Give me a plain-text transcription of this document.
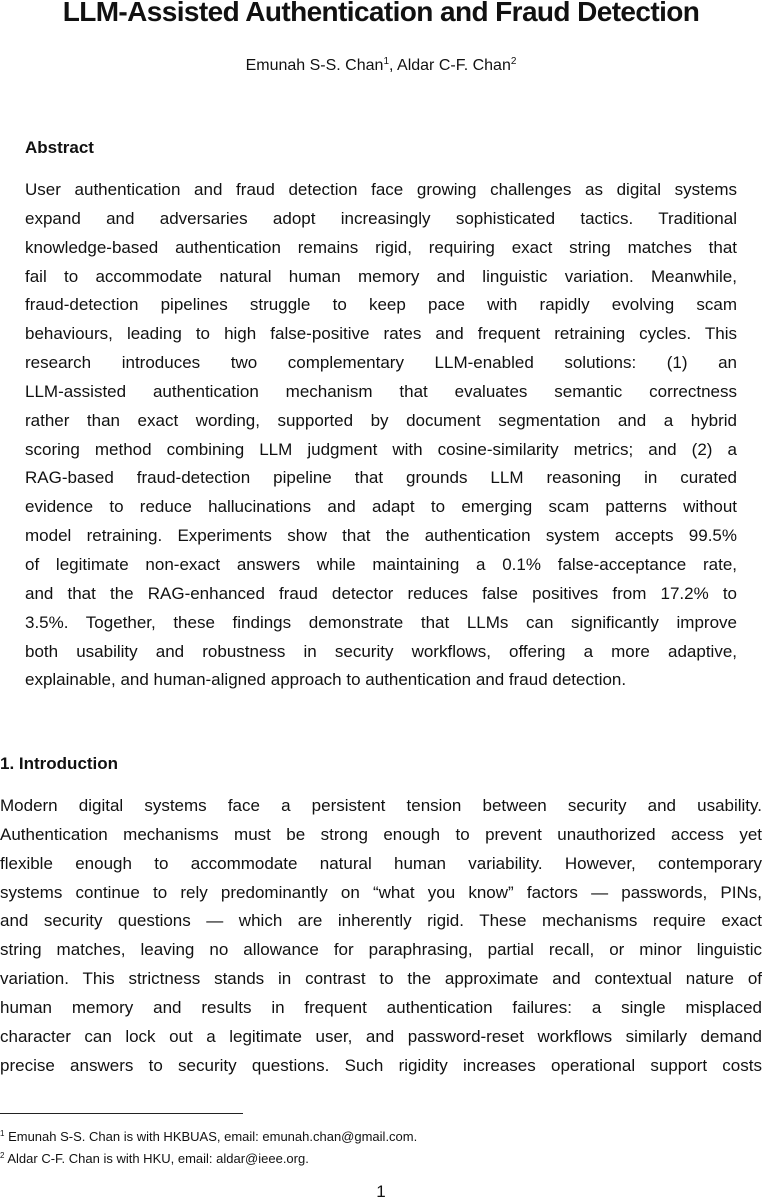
LLM-Assisted Authentication and Fraud Detection
Emunah S-S. Chan$^1$, Aldar C-F. Chan$^2$
Abstract
User authentication and fraud detection face growing challenges as digital systems
expand and adversaries adopt increasingly sophisticated tactics. Traditional
knowledge-based authentication remains rigid, requiring exact string matches that
fail to accommodate natural human memory and linguistic variation. Meanwhile,
fraud-detection pipelines struggle to keep pace with rapidly evolving scam
behaviours, leading to high false-positive rates and frequent retraining cycles. This
research introduces two complementary LLM-enabled solutions: (1) an
LLM-assisted authentication mechanism that evaluates semantic correctness
rather than exact wording, supported by document segmentation and a hybrid
scoring method combining LLM judgment with cosine-similarity metrics; and (2) a
RAG-based fraud-detection pipeline that grounds LLM reasoning in curated
evidence to reduce hallucinations and adapt to emerging scam patterns without
model retraining. Experiments show that the authentication system accepts 99.5%
of legitimate non-exact answers while maintaining a 0.1% false-acceptance rate,
and that the RAG-enhanced fraud detector reduces false positives from 17.2% to
3.5%. Together, these findings demonstrate that LLMs can significantly improve
both usability and robustness in security workflows, offering a more adaptive,
explainable, and human-aligned approach to authentication and fraud detection.
1. Introduction
Modern digital systems face a persistent tension between security and usability.
Authentication mechanisms must be strong enough to prevent unauthorized access yet
flexible enough to accommodate natural human variability. However, contemporary
systems continue to rely predominantly on “what you know” factors — passwords, PINs,
and security questions — which are inherently rigid. These mechanisms require exact
string matches, leaving no allowance for paraphrasing, partial recall, or minor linguistic
variation. This strictness stands in contrast to the approximate and contextual nature of
human memory and results in frequent authentication failures: a single misplaced
character can lock out a legitimate user, and password-reset workflows similarly demand
precise answers to security questions. Such rigidity increases operational support costs
$^1$ Emunah S-S. Chan is with HKBUAS, email: emunah.chan@gmail.com.
$^2$ Aldar C-F. Chan is with HKU, email: aldar@ieee.org.
1
